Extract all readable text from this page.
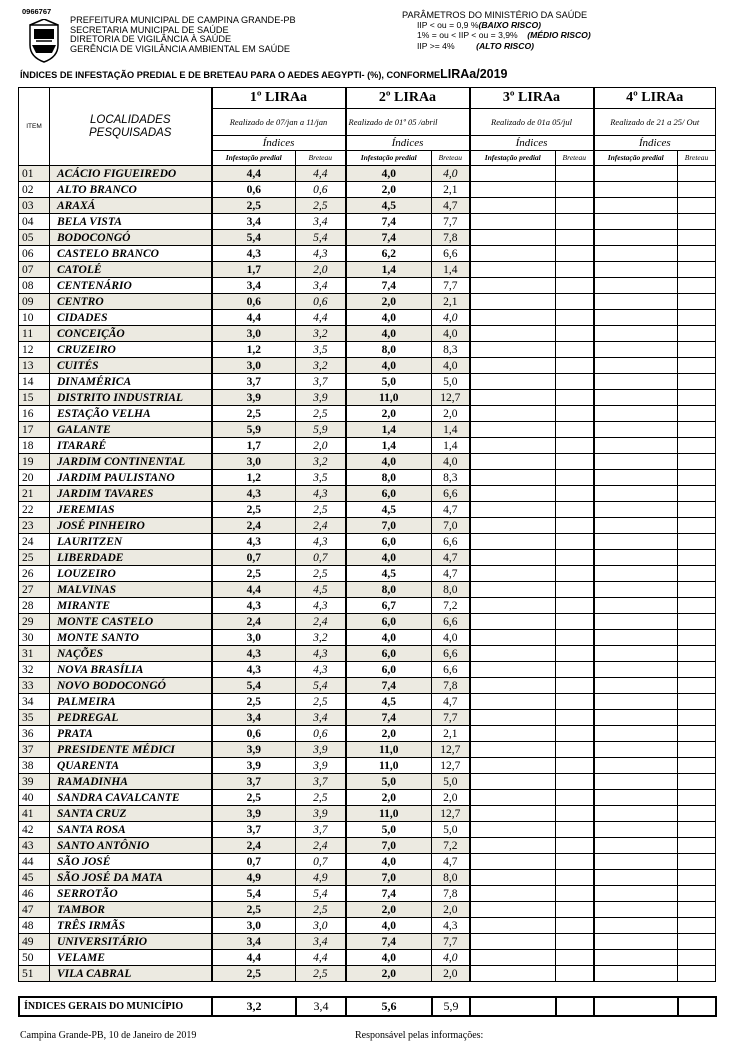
0966767
PREFEITURA MUNICIPAL DE CAMPINA GRANDE-PB
SECRETARIA MUNICIPAL DE SAÚDE
DIRETORIA DE VIGILÂNCIA À SAÚDE
GERÊNCIA DE VIGILÂNCIA AMBIENTAL EM SAÚDE
PARÂMETROS DO MINISTÉRIO DA SAÚDE
IIP < ou = 0,9 %(BAIXO RISCO)
1% = ou < IIP < ou = 3,9% (MÉDIO RISCO)
IIP >= 4%	(ALTO RISCO)
ÍNDICES DE INFESTAÇÃO PREDIAL E DE BRETEAU PARA O AEDES AEGYPTI- (%), CONFORMELIRAa/2019
ITEM	LOCALIDADES PESQUISADAS	1º LIRAa		2º LIRAa		3º LIRAa		4º LIRAa	
		Realizado de 07/jan a 11/jan		Realizado de 01º 05 /abril		Realizado de 01a 05/jul		Realizado de 21 a 25/ Out	
		Índices		Índices		Índices		Índices	
		Infestação predial	Breteau	Infestação predial	Breteau	Infestação predial	Breteau	Infestação predial	Breteau
01	ACÁCIO FIGUEIREDO	4,4	4,4	4,0	4,0				
02	ALTO BRANCO	0,6	0,6	2,0	2,1				
03	ARAXÁ	2,5	2,5	4,5	4,7				
04	BELA VISTA	3,4	3,4	7,4	7,7				
05	BODOCONGÓ	5,4	5,4	7,4	7,8				
06	CASTELO BRANCO	4,3	4,3	6,2	6,6				
07	CATOLÉ	1,7	2,0	1,4	1,4				
08	CENTENÁRIO	3,4	3,4	7,4	7,7				
09	CENTRO	0,6	0,6	2,0	2,1				
10	CIDADES	4,4	4,4	4,0	4,0				
11	CONCEIÇÃO	3,0	3,2	4,0	4,0				
12	CRUZEIRO	1,2	3,5	8,0	8,3				
13	CUITÉS	3,0	3,2	4,0	4,0				
14	DINAMÉRICA	3,7	3,7	5,0	5,0				
15	DISTRITO INDUSTRIAL	3,9	3,9	11,0	12,7				
16	ESTAÇÃO VELHA	2,5	2,5	2,0	2,0				
17	GALANTE	5,9	5,9	1,4	1,4				
18	ITARARÉ	1,7	2,0	1,4	1,4				
19	JARDIM CONTINENTAL	3,0	3,2	4,0	4,0				
20	JARDIM PAULISTANO	1,2	3,5	8,0	8,3				
21	JARDIM TAVARES	4,3	4,3	6,0	6,6				
22	JEREMIAS	2,5	2,5	4,5	4,7				
23	JOSÉ PINHEIRO	2,4	2,4	7,0	7,0				
24	LAURITZEN	4,3	4,3	6,0	6,6				
25	LIBERDADE	0,7	0,7	4,0	4,7				
26	LOUZEIRO	2,5	2,5	4,5	4,7				
27	MALVINAS	4,4	4,5	8,0	8,0				
28	MIRANTE	4,3	4,3	6,7	7,2				
29	MONTE CASTELO	2,4	2,4	6,0	6,6				
30	MONTE SANTO	3,0	3,2	4,0	4,0				
31	NAÇÕES	4,3	4,3	6,0	6,6				
32	NOVA BRASÍLIA	4,3	4,3	6,0	6,6				
33	NOVO BODOCONGÓ	5,4	5,4	7,4	7,8				
34	PALMEIRA	2,5	2,5	4,5	4,7				
35	PEDREGAL	3,4	3,4	7,4	7,7				
36	PRATA	0,6	0,6	2,0	2,1				
37	PRESIDENTE MÉDICI	3,9	3,9	11,0	12,7				
38	QUARENTA	3,9	3,9	11,0	12,7				
39	RAMADINHA	3,7	3,7	5,0	5,0				
40	SANDRA CAVALCANTE	2,5	2,5	2,0	2,0				
41	SANTA CRUZ	3,9	3,9	11,0	12,7				
42	SANTA ROSA	3,7	3,7	5,0	5,0				
43	SANTO ANTÔNIO	2,4	2,4	7,0	7,2				
44	SÃO JOSÉ	0,7	0,7	4,0	4,7				
45	SÃO JOSÉ DA MATA	4,9	4,9	7,0	8,0				
46	SERROTÃO	5,4	5,4	7,4	7,8				
47	TAMBOR	2,5	2,5	2,0	2,0				
48	TRÊS IRMÃS	3,0	3,0	4,0	4,3				
49	UNIVERSITÁRIO	3,4	3,4	7,4	7,7				
50	VELAME	4,4	4,4	4,0	4,0				
51	VILA CABRAL	2,5	2,5	2,0	2,0				
ÍNDICES GERAIS DO MUNICÍPIO	3,2	3,4	5,6	5,9				
Campina Grande-PB, 10 de Janeiro de 2019	Responsável pelas informações:
